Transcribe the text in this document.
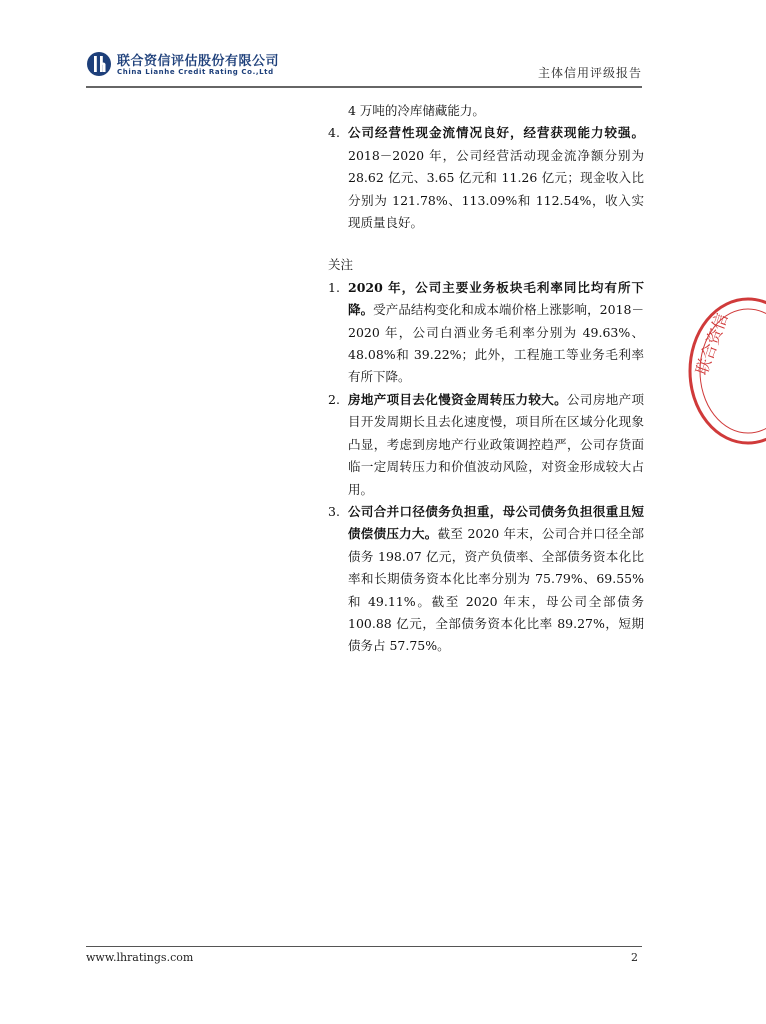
联合资信评估股份有限公司
China Lianhe Credit Rating Co.,Ltd	主体信用评级报告
4 万吨的冷库储藏能力。
4. 公司经营性现金流情况良好，经营获现能力较强。2018－2020 年，公司经营活动现金流净额分别为 28.62 亿元、3.65 亿元和 11.26 亿元；现金收入比分别为 121.78%、113.09%和 112.54%，收入实现质量良好。
关注
1. 2020 年，公司主要业务板块毛利率同比均有所下降。受产品结构变化和成本端价格上涨影响，2018－2020 年，公司白酒业务毛利率分别为 49.63%、48.08%和 39.22%；此外，工程施工等业务毛利率有所下降。
2. 房地产项目去化慢资金周转压力较大。公司房地产项目开发周期长且去化速度慢，项目所在区域分化现象凸显，考虑到房地产行业政策调控趋严，公司存货面临一定周转压力和价值波动风险，对资金形成较大占用。
3. 公司合并口径债务负担重，母公司债务负担很重且短债偿债压力大。截至 2020 年末，公司合并口径全部债务 198.07 亿元，资产负债率、全部债务资本化比率和长期债务资本化比率分别为 75.79%、69.55%和 49.11%。截至 2020 年末，母公司全部债务 100.88 亿元，全部债务资本化比率 89.27%，短期债务占 57.75%。
联合资信
www.lhratings.com	2
